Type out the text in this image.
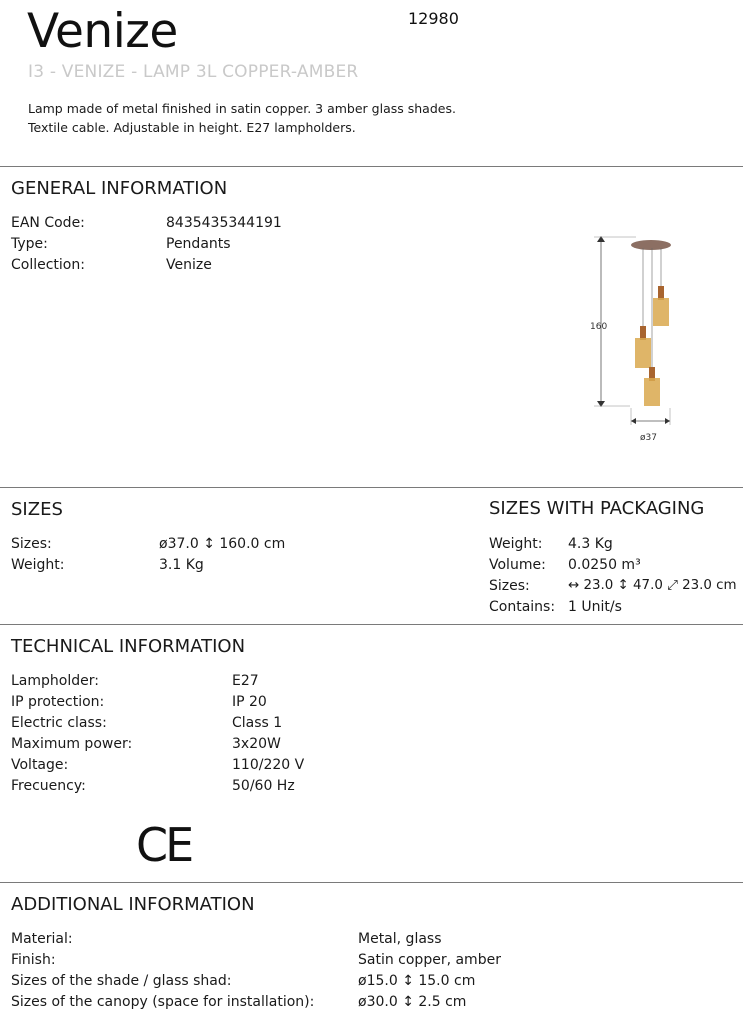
Venize	12980
I3 - VENIZE - LAMP 3L COPPER-AMBER
Lamp made of metal finished in satin copper. 3 amber glass shades.
Textile cable. Adjustable in height. E27 lampholders.
GENERAL INFORMATION
EAN Code:	8435435344191
Type:	Pendants
Collection:	Venize
160
ø37
SIZES
Sizes:	ø37.0 ↕ 160.0 cm
Weight:	3.1 Kg
SIZES WITH PACKAGING
Weight: 4.3 Kg
Volume: 0.0250 m³
Sizes:	↔ 23.0 ↕ 47.0 ⤢ 23.0 cm
Contains: 1 Unit/s
TECHNICAL INFORMATION
Lampholder:	E27
IP protection:	IP 20
Electric class:	Class 1
Maximum power:	3x20W
Voltage:	110/220 V
Frecuency:	50/60 Hz
CE
ADDITIONAL INFORMATION
Material:	Metal, glass
Finish:	Satin copper, amber
Sizes of the shade / glass shad:	ø15.0 ↕ 15.0 cm
Sizes of the canopy (space for installation):	ø30.0 ↕ 2.5 cm
